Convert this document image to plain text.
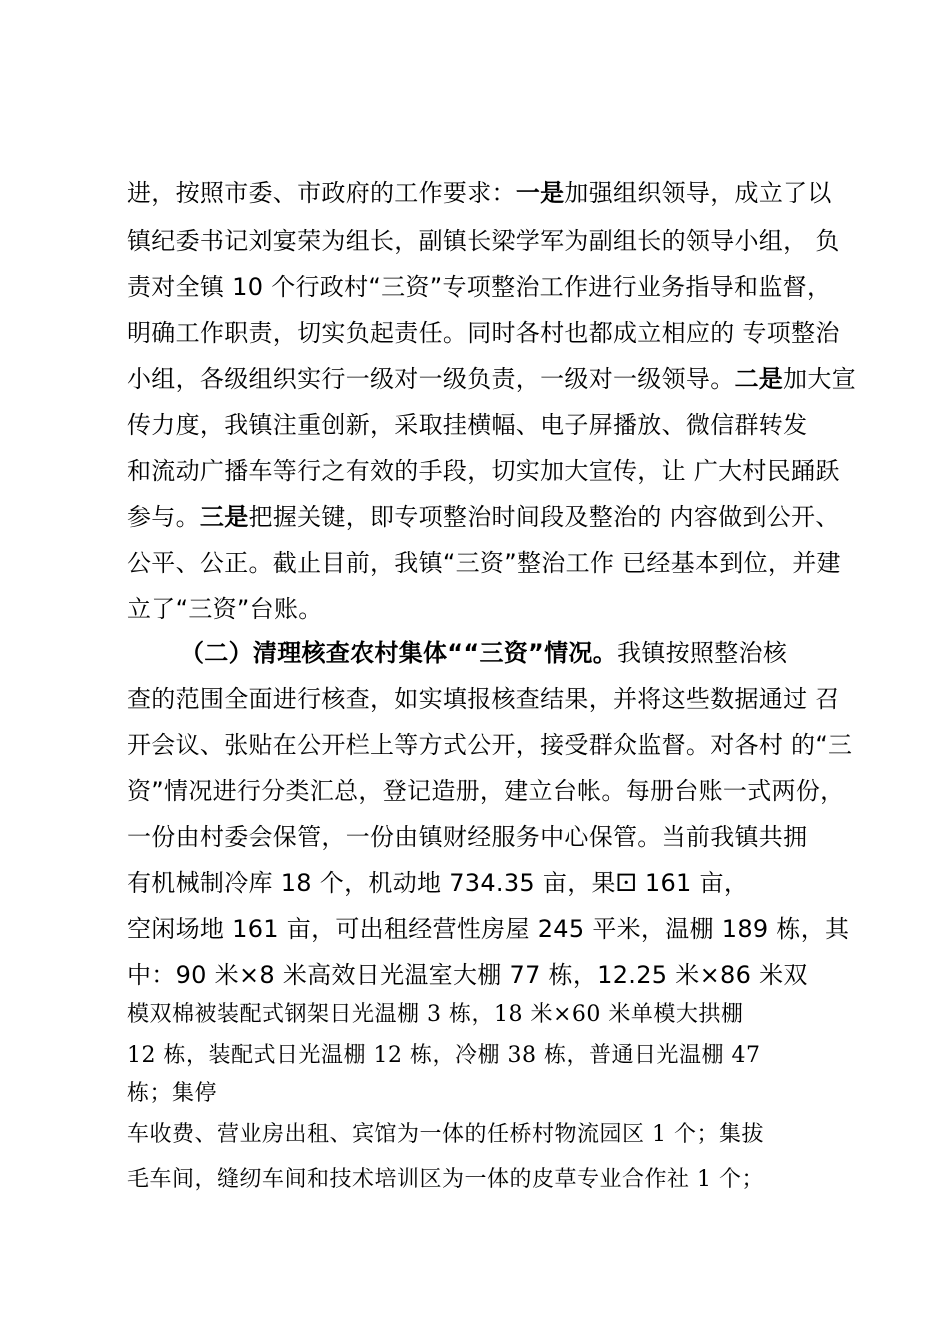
进，按照市委、市政府的工作要求：一是加强组织领导，成立了以
镇纪委书记刘宴荣为组长，副镇长梁学军为副组长的领导小组， 负
责对全镇 10 个行政村“三资”专项整治工作进行业务指导和监督，
明确工作职责，切实负起责任。同时各村也都成立相应的 专项整治
小组，各级组织实行一级对一级负责，一级对一级领导。二是加大宣
传力度，我镇注重创新，采取挂横幅、电子屏播放、微信群转发
和流动广播车等行之有效的手段，切实加大宣传，让 广大村民踊跃
参与。三是把握关键，即专项整治时间段及整治的 内容做到公开、
公平、公正。截止目前，我镇“三资”整治工作 已经基本到位，并建
立了“三资”台账。
（二）清理核查农村集体““三资”情况。我镇按照整治核
查的范围全面进行核查，如实填报核查结果，并将这些数据通过 召
开会议、张贴在公开栏上等方式公开，接受群众监督。对各村 的“三
资”情况进行分类汇总，登记造册，建立台帐。每册台账一式两份，
一份由村委会保管，一份由镇财经服务中心保管。当前我镇共拥
有机械制冷库 18 个，机动地 734.35 亩，果⚀ 161 亩，
空闲场地 161 亩，可出租经营性房屋 245 平米，温棚 189 栋，其
中：90 米×8 米高效日光温室大棚 77 栋，12.25 米×86 米双
模双棉被装配式钢架日光温棚 3 栋，18 米×60 米单模大拱棚
12 栋，装配式日光温棚 12 栋，冷棚 38 栋，普通日光温棚 47
栋；集停
车收费、营业房出租、宾馆为一体的任桥村物流园区 1 个；集拔
毛车间，缝纫车间和技术培训区为一体的皮草专业合作社 1 个；
